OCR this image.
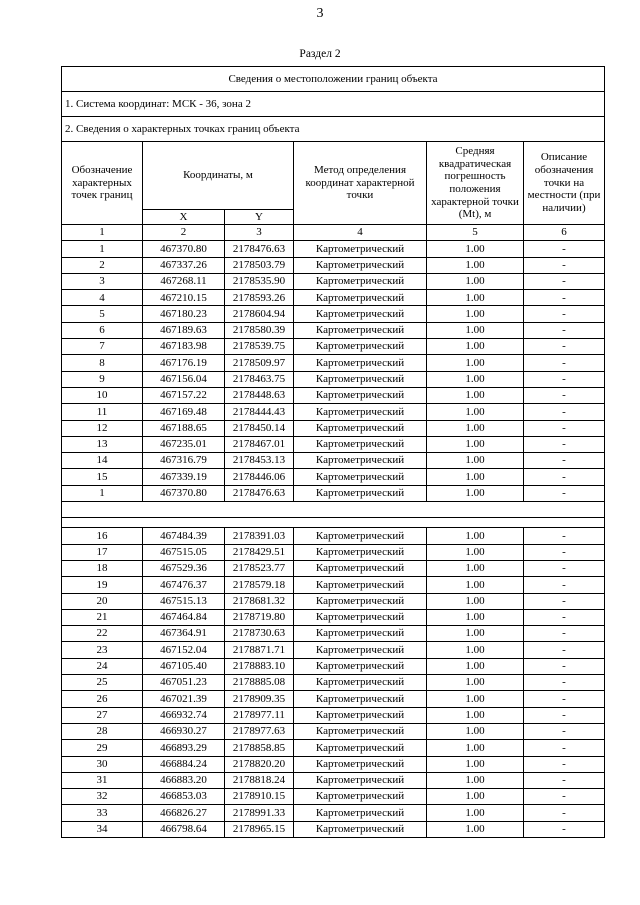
3
Раздел 2
Сведения о местоположении границ объекта					
1. Система координат: МСК - 36, зона 2					
2. Сведения о характерных точках границ объекта					
Обозначение характерных точек границ	Координаты, м		Метод определения координат характерной точки	Средняя квадратическая погрешность положения характерной точки (Mt), м	Описание обозначения точки на местности (при наличии)
	X	Y			
1	2	3	4	5	6
1	467370.80	2178476.63	Картометрический	1.00	-
2	467337.26	2178503.79	Картометрический	1.00	-
3	467268.11	2178535.90	Картометрический	1.00	-
4	467210.15	2178593.26	Картометрический	1.00	-
5	467180.23	2178604.94	Картометрический	1.00	-
6	467189.63	2178580.39	Картометрический	1.00	-
7	467183.98	2178539.75	Картометрический	1.00	-
8	467176.19	2178509.97	Картометрический	1.00	-
9	467156.04	2178463.75	Картометрический	1.00	-
10	467157.22	2178448.63	Картометрический	1.00	-
11	467169.48	2178444.43	Картометрический	1.00	-
12	467188.65	2178450.14	Картометрический	1.00	-
13	467235.01	2178467.01	Картометрический	1.00	-
14	467316.79	2178453.13	Картометрический	1.00	-
15	467339.19	2178446.06	Картометрический	1.00	-
1	467370.80	2178476.63	Картометрический	1.00	-

16	467484.39	2178391.03	Картометрический	1.00	-
17	467515.05	2178429.51	Картометрический	1.00	-
18	467529.36	2178523.77	Картометрический	1.00	-
19	467476.37	2178579.18	Картометрический	1.00	-
20	467515.13	2178681.32	Картометрический	1.00	-
21	467464.84	2178719.80	Картометрический	1.00	-
22	467364.91	2178730.63	Картометрический	1.00	-
23	467152.04	2178871.71	Картометрический	1.00	-
24	467105.40	2178883.10	Картометрический	1.00	-
25	467051.23	2178885.08	Картометрический	1.00	-
26	467021.39	2178909.35	Картометрический	1.00	-
27	466932.74	2178977.11	Картометрический	1.00	-
28	466930.27	2178977.63	Картометрический	1.00	-
29	466893.29	2178858.85	Картометрический	1.00	-
30	466884.24	2178820.20	Картометрический	1.00	-
31	466883.20	2178818.24	Картометрический	1.00	-
32	466853.03	2178910.15	Картометрический	1.00	-
33	466826.27	2178991.33	Картометрический	1.00	-
34	466798.64	2178965.15	Картометрический	1.00	-
